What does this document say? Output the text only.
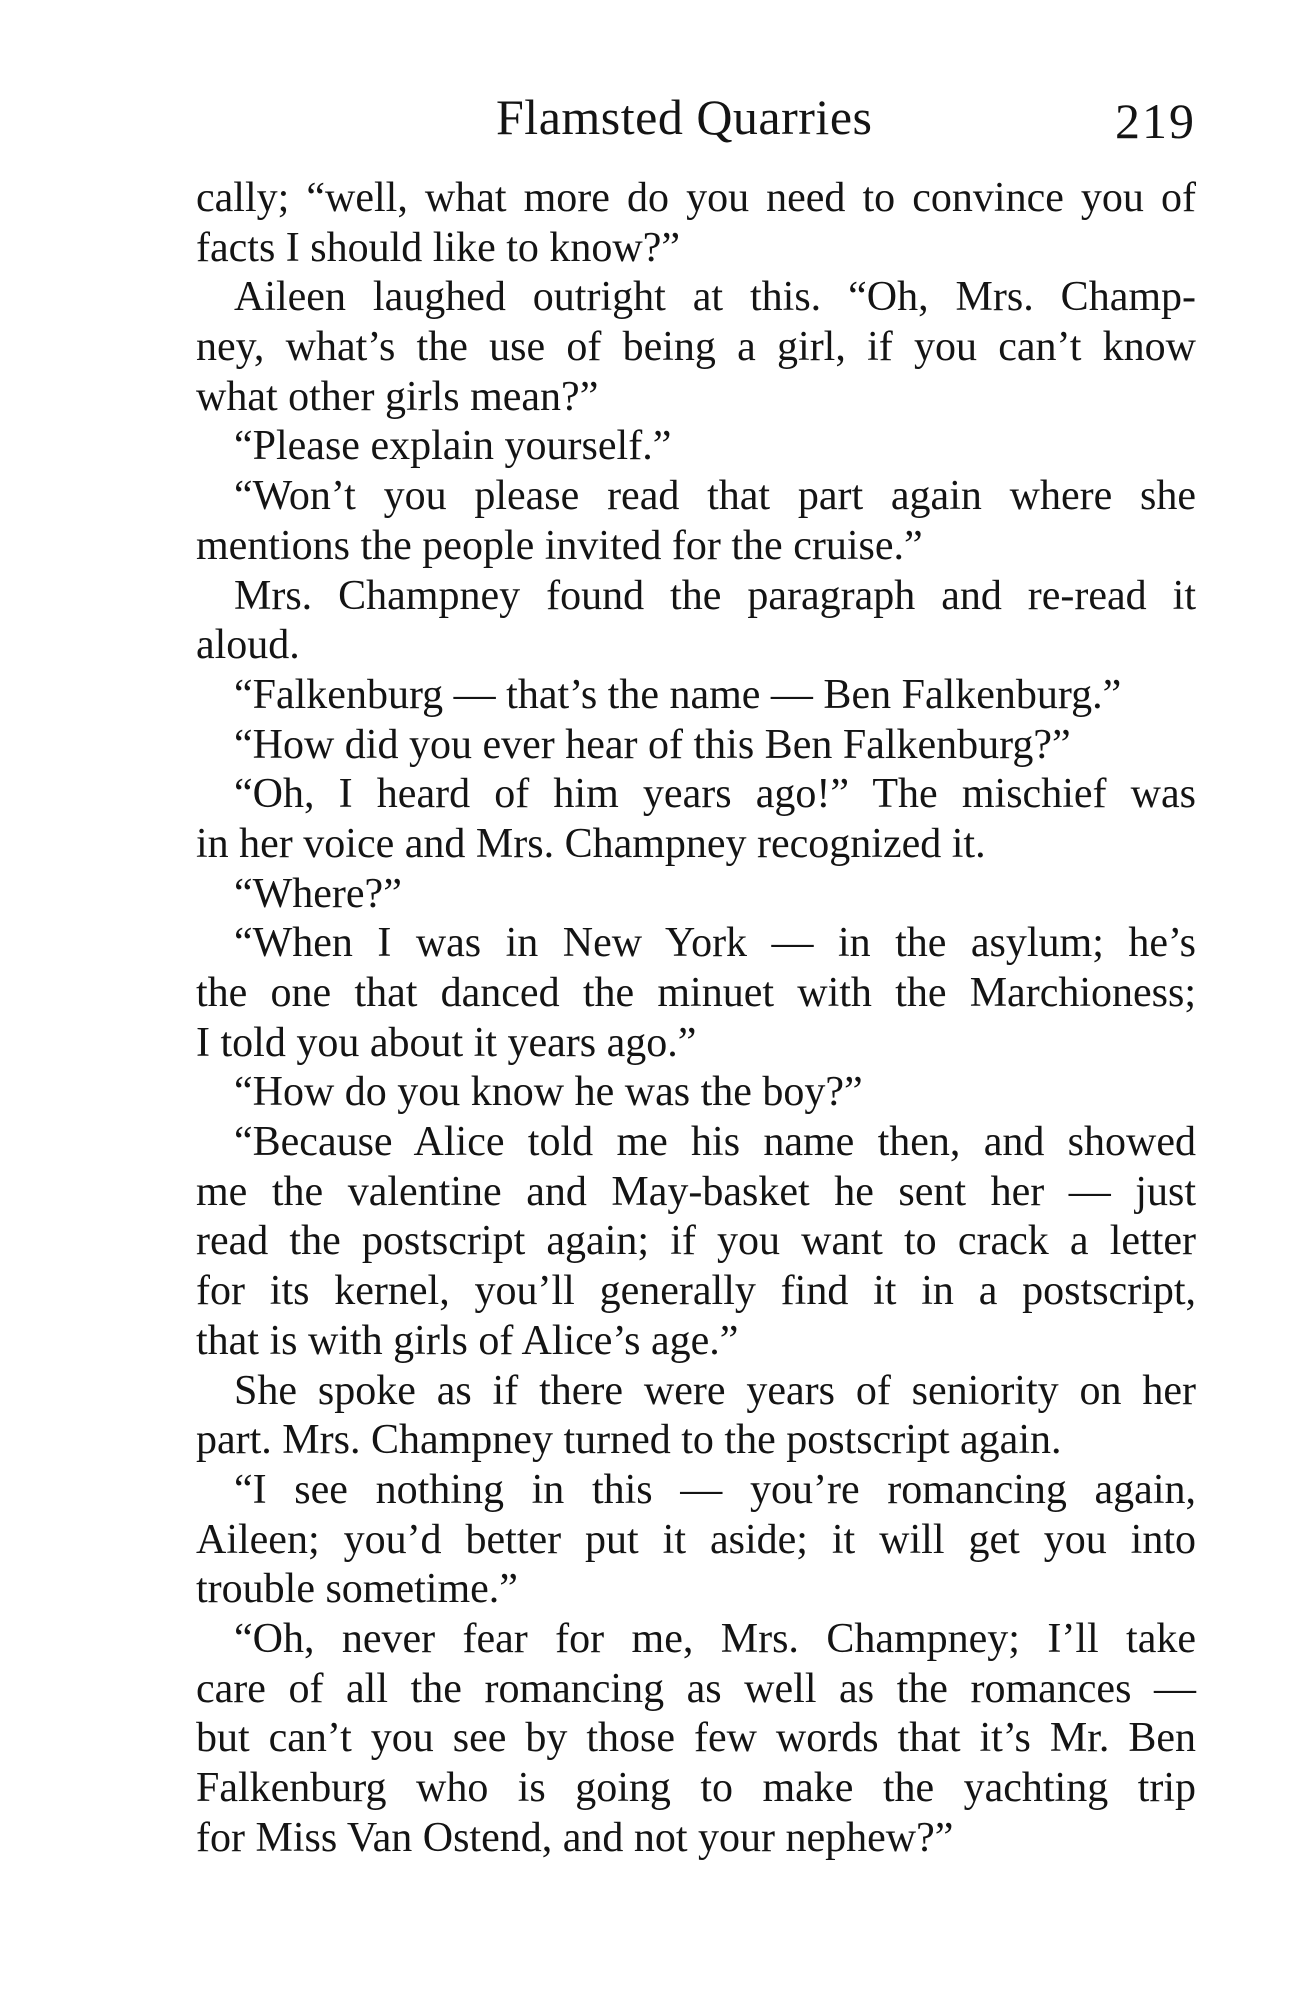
Flamsted Quarries	219
cally; “well, what more do you need to convince you of
facts I should like to know?”
Aileen laughed outright at this. “Oh, Mrs. Champ-
ney, what’s the use of being a girl, if you can’t know
what other girls mean?”
“Please explain yourself.”
“Won’t you please read that part again where she
mentions the people invited for the cruise.”
Mrs. Champney found the paragraph and re-read it
aloud.
“Falkenburg — that’s the name — Ben Falkenburg.”
“How did you ever hear of this Ben Falkenburg?”
“Oh, I heard of him years ago!” The mischief was
in her voice and Mrs. Champney recognized it.
“Where?”
“When I was in New York — in the asylum; he’s
the one that danced the minuet with the Marchioness;
I told you about it years ago.”
“How do you know he was the boy?”
“Because Alice told me his name then, and showed
me the valentine and May-basket he sent her — just
read the postscript again; if you want to crack a letter
for its kernel, you’ll generally find it in a postscript,
that is with girls of Alice’s age.”
She spoke as if there were years of seniority on her
part. Mrs. Champney turned to the postscript again.
“I see nothing in this — you’re romancing again,
Aileen; you’d better put it aside; it will get you into
trouble sometime.”
“Oh, never fear for me, Mrs. Champney; I’ll take
care of all the romancing as well as the romances —
but can’t you see by those few words that it’s Mr. Ben
Falkenburg who is going to make the yachting trip
for Miss Van Ostend, and not your nephew?”
